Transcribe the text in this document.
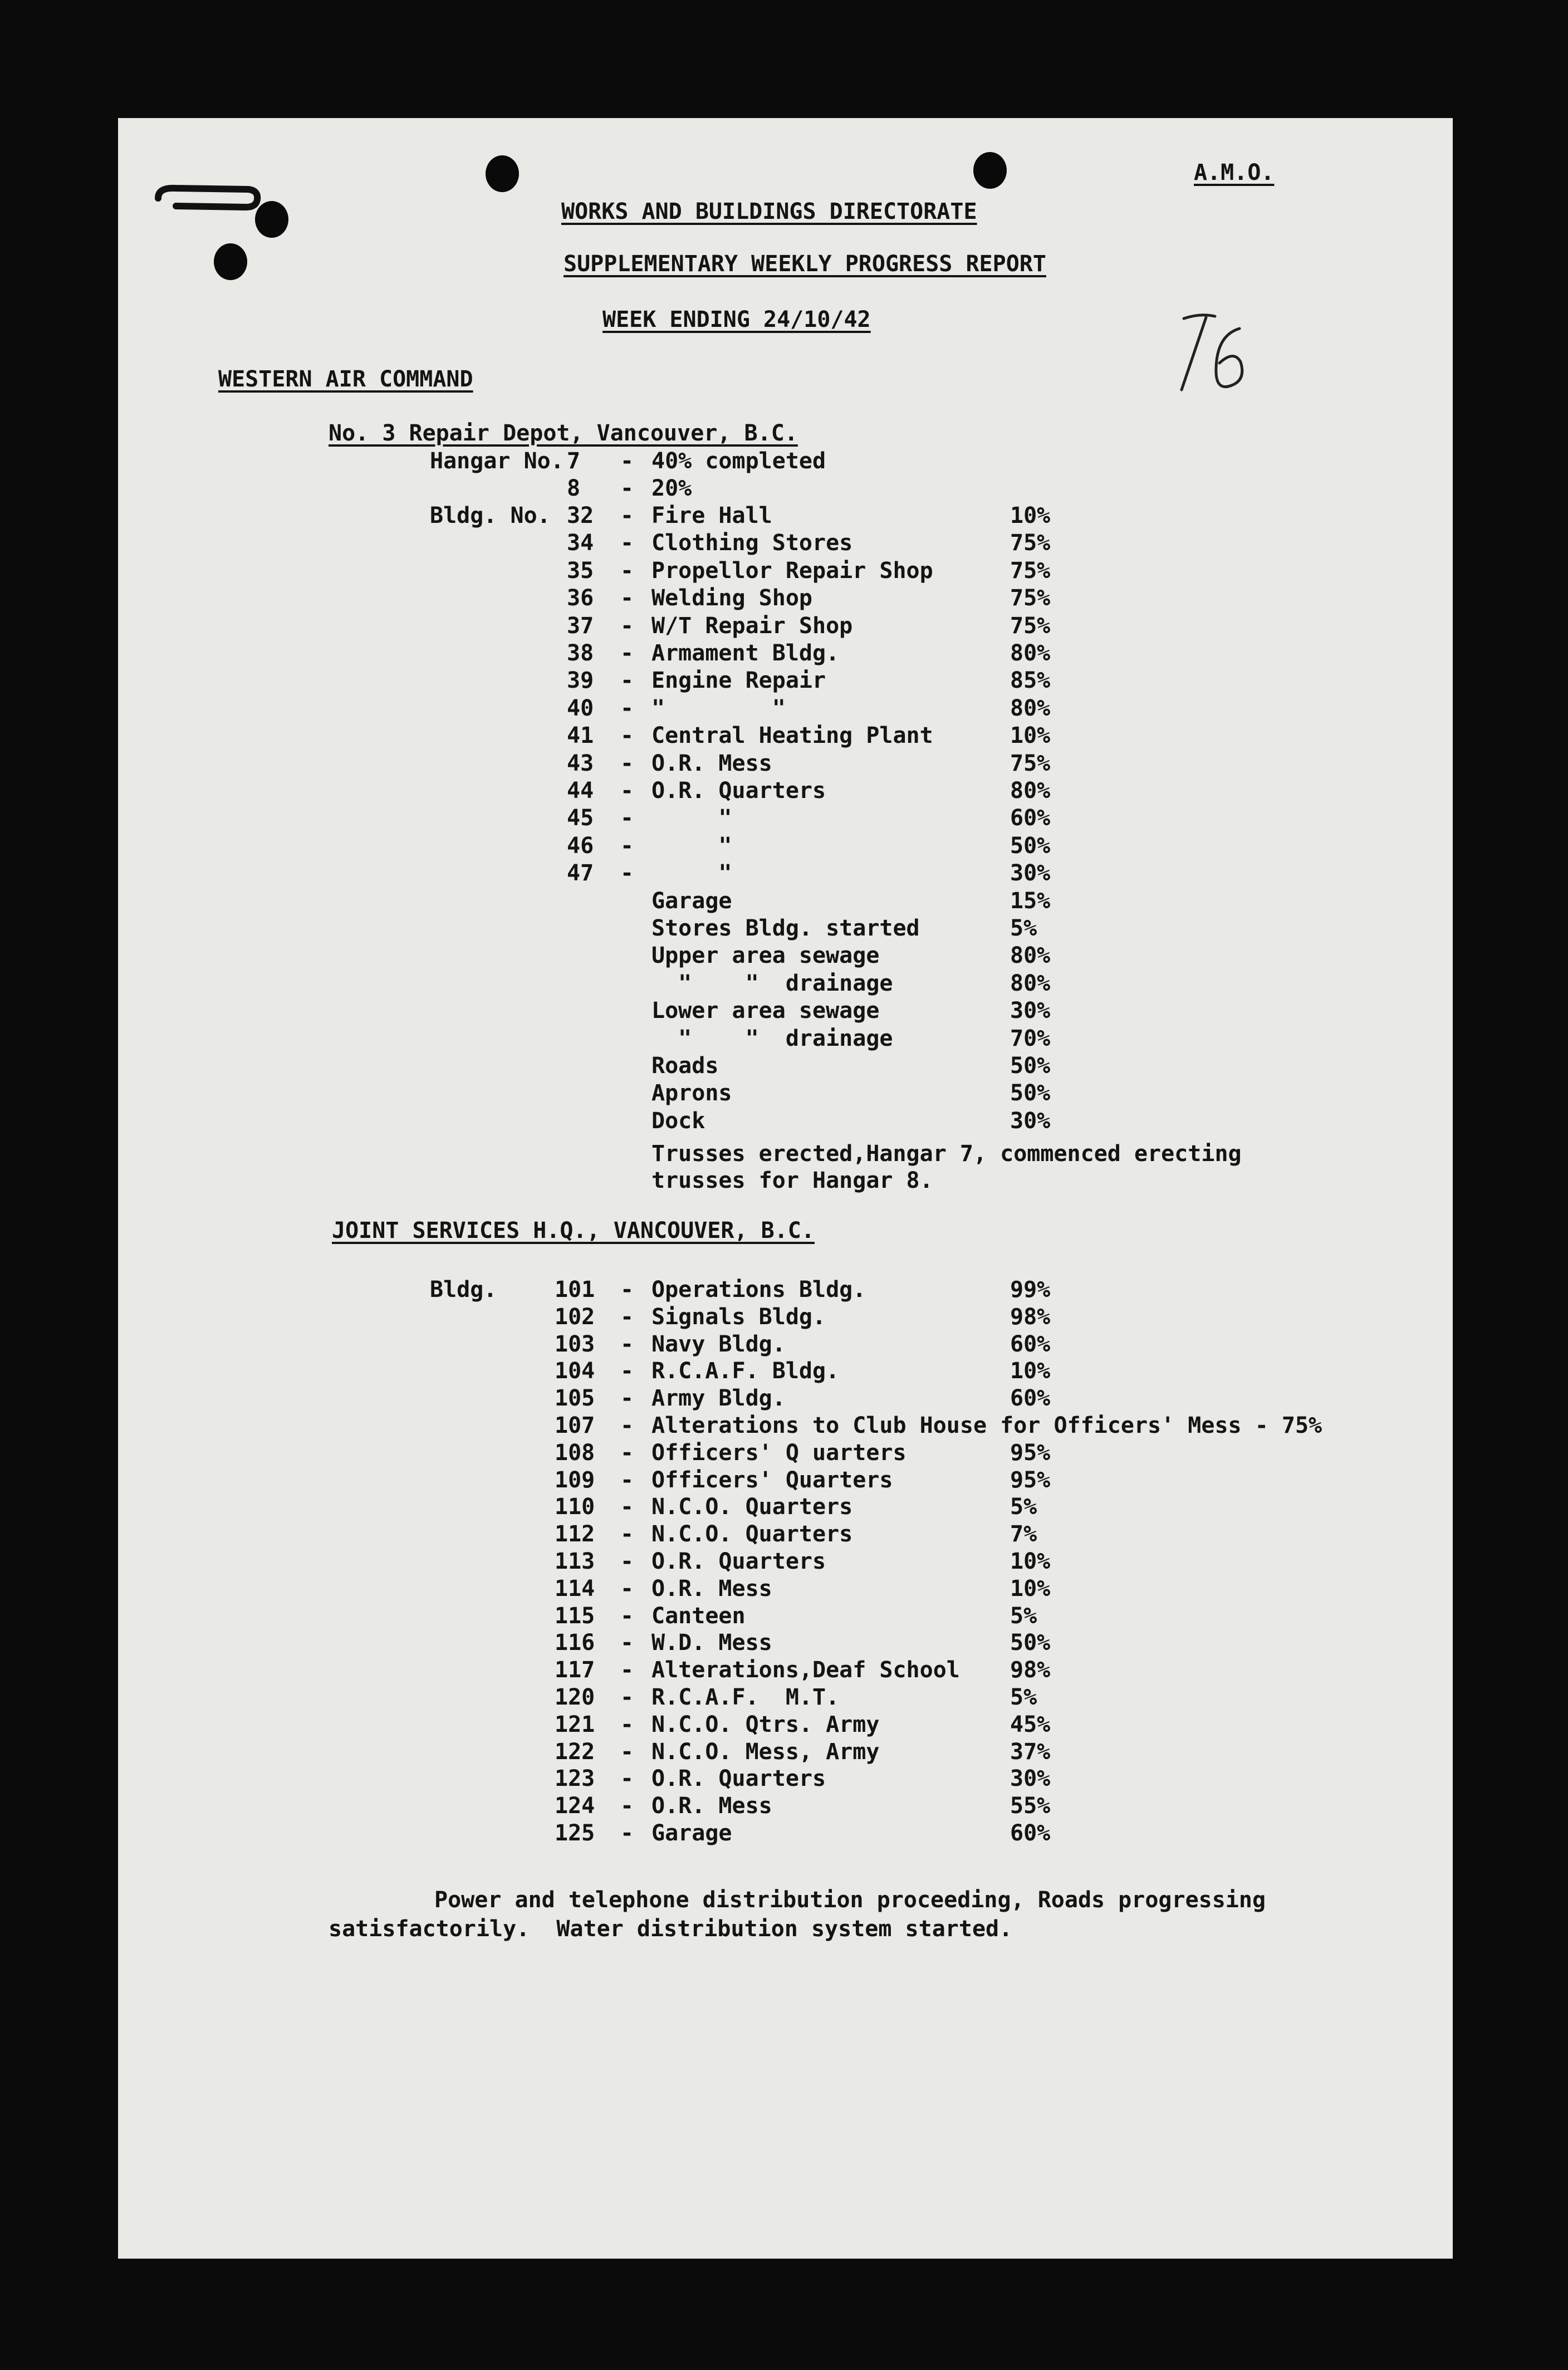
A.M.O.
WORKS AND BUILDINGS DIRECTORATE
SUPPLEMENTARY WEEKLY PROGRESS REPORT
WEEK ENDING 24/10/42
WESTERN AIR COMMAND
No. 3 Repair Depot, Vancouver, B.C.
Hangar No.
Bldg. No.
7 - 40% completed
8 - 20%
32 - Fire Hall	10%
34 - Clothing Stores	75%
35 - Propellor Repair Shop	75%
36 - Welding Shop	75%
37 - W/T Repair Shop	75%
38 - Armament Bldg.	80%
39 - Engine Repair	85%
40 - "        "	80%
41 - Central Heating Plant	10%
43 - O.R. Mess	75%
44 - O.R. Quarters	80%
45 - "	60%
46 - "	50%
47 - "	30%
Garage	15%
Stores Bldg. started	5%
Upper area sewage	80%
"    "  drainage	80%
Lower area sewage	30%
"    "  drainage	70%
Roads	50%
Aprons	50%
Dock	30%
Trusses erected,Hangar 7, commenced erecting
trusses for Hangar 8.
JOINT SERVICES H.Q., VANCOUVER, B.C.
Bldg.	101 - Operations Bldg.	99%
102 - Signals Bldg.	98%
103 - Navy Bldg.	60%
104 - R.C.A.F. Bldg.	10%
105 - Army Bldg.	60%
107 - Alterations to Club House for Officers' Mess - 75%
108 - Officers' Q uarters	95%
109 - Officers' Quarters	95%
110 - N.C.O. Quarters	5%
112 - N.C.O. Quarters	7%
113 - O.R. Quarters	10%
114 - O.R. Mess	10%
115 - Canteen	5%
116 - W.D. Mess	50%
117 - Alterations,Deaf School 98%
120 - R.C.A.F.  M.T.	5%
121 - N.C.O. Qtrs. Army	45%
122 - N.C.O. Mess, Army	37%
123 - O.R. Quarters	30%
124 - O.R. Mess	55%
125 - Garage	60%
Power and telephone distribution proceeding, Roads progressing
satisfactorily.  Water distribution system started.
